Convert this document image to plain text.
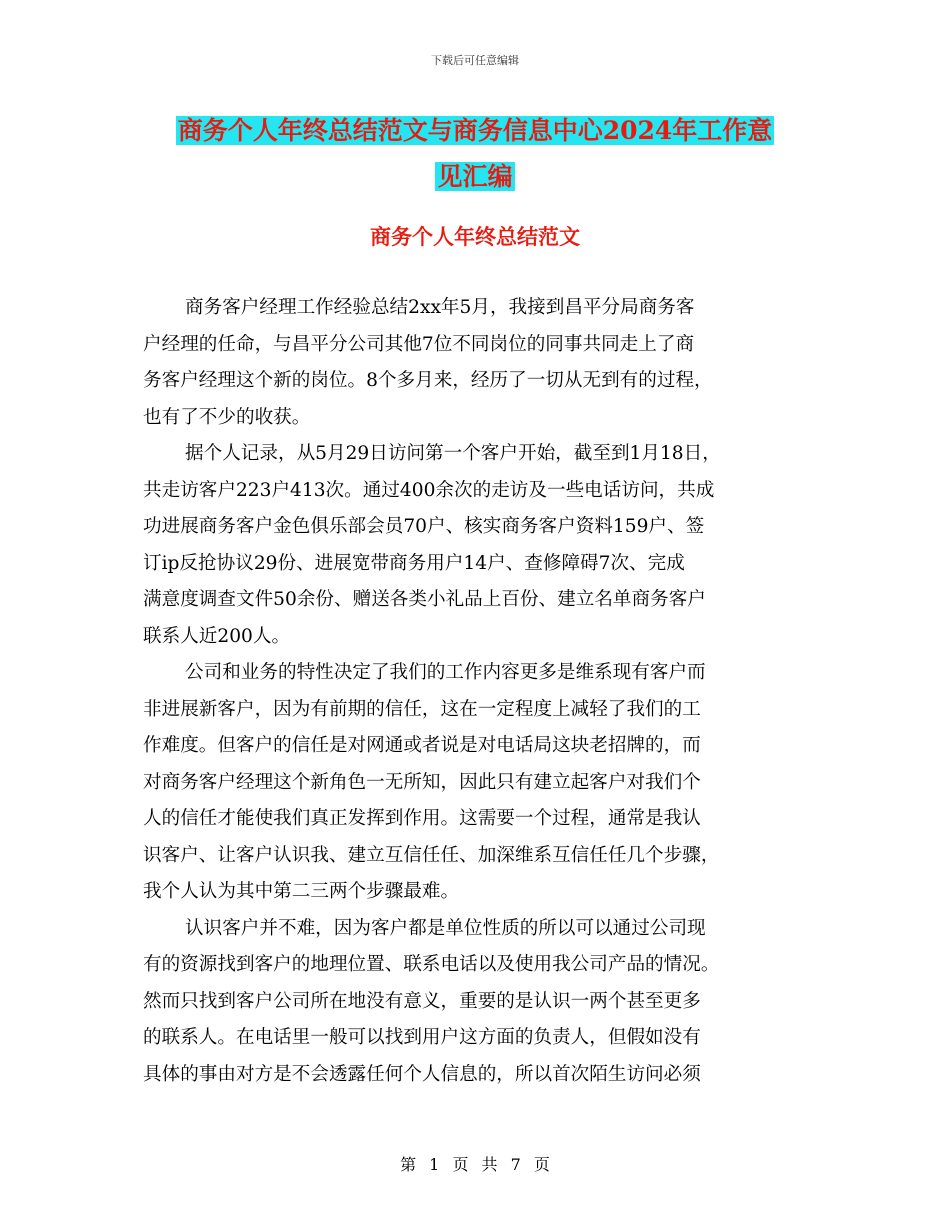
下载后可任意编辑
商务个人年终总结范文与商务信息中心2024年工作意
见汇编
商务个人年终总结范文

商务客户经理工作经验总结2xx年5月，我接到昌平分局商务客
户经理的任命，与昌平分公司其他7位不同岗位的同事共同走上了商
务客户经理这个新的岗位。8个多月来，经历了一切从无到有的过程，
也有了不少的收获。

据个人记录，从5月29日访问第一个客户开始，截至到1月18日，
共走访客户223户413次。通过400余次的走访及一些电话访问，共成
功进展商务客户金色俱乐部会员70户、核实商务客户资料159户、签
订ip反抢协议29份、进展宽带商务用户14户、查修障碍7次、完成
满意度调查文件50余份、赠送各类小礼品上百份、建立名单商务客户
联系人近200人。

公司和业务的特性决定了我们的工作内容更多是维系现有客户而
非进展新客户，因为有前期的信任，这在一定程度上减轻了我们的工
作难度。但客户的信任是对网通或者说是对电话局这块老招牌的，而
对商务客户经理这个新角色一无所知，因此只有建立起客户对我们个
人的信任才能使我们真正发挥到作用。这需要一个过程，通常是我认
识客户、让客户认识我、建立互信任任、加深维系互信任任几个步骤，
我个人认为其中第二三两个步骤最难。

认识客户并不难，因为客户都是单位性质的所以可以通过公司现
有的资源找到客户的地理位置、联系电话以及使用我公司产品的情况。
然而只找到客户公司所在地没有意义，重要的是认识一两个甚至更多
的联系人。在电话里一般可以找到用户这方面的负责人，但假如没有
具体的事由对方是不会透露任何个人信息的，所以首次陌生访问必须

第 1 页 共 7 页
